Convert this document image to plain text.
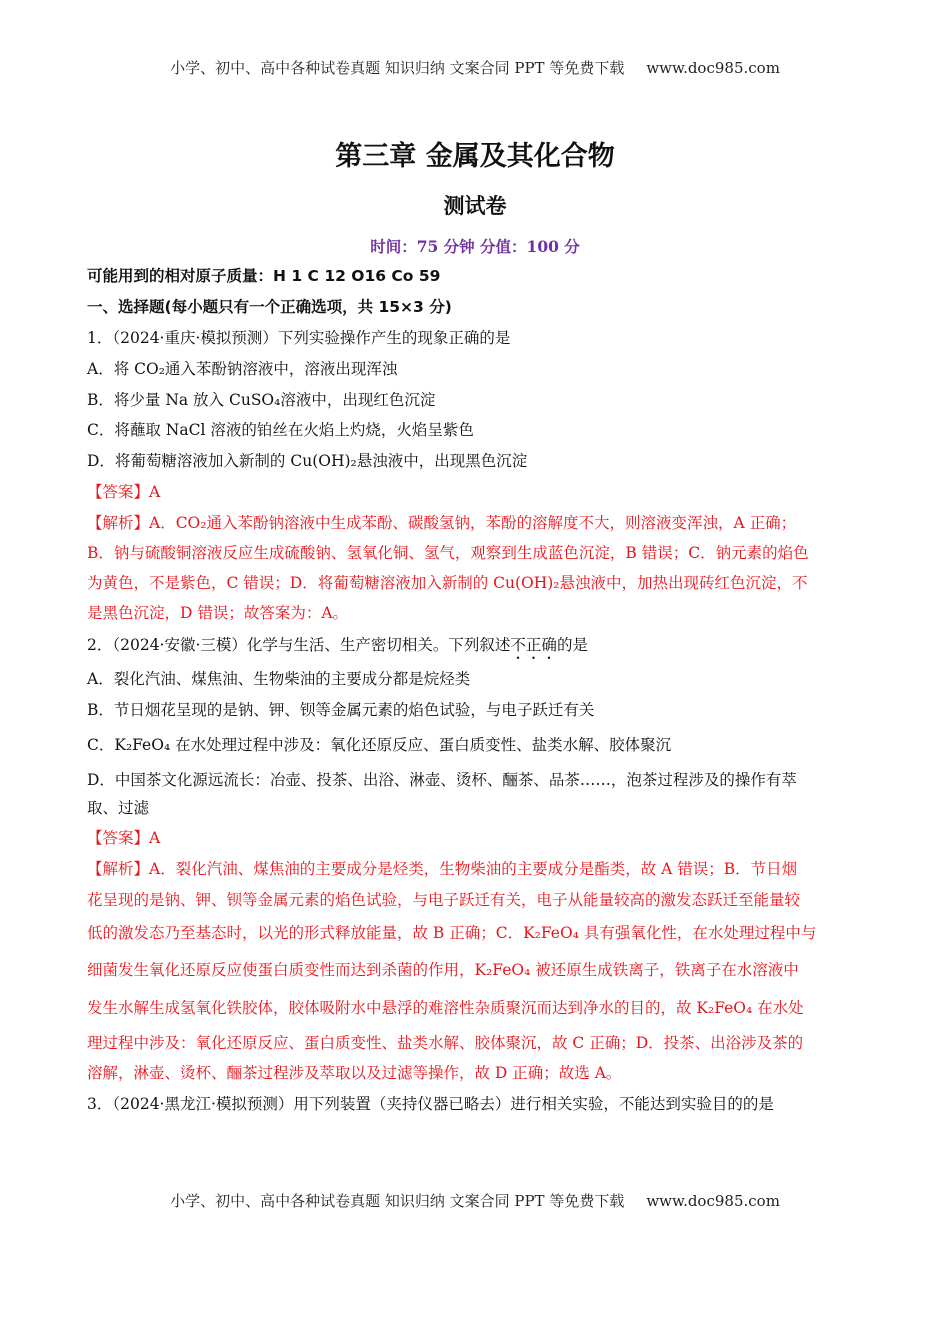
小学、初中、高中各种试卷真题 知识归纳 文案合同 PPT 等免费下载 www.doc985.com
第三章 金属及其化合物
测试卷
时间：75 分钟 分值：100 分
可能用到的相对原子质量：H 1 C 12 O16 Co 59
一、选择题(每小题只有一个正确选项，共 15×3 分)
1．（2024·重庆·模拟预测）下列实验操作产生的现象正确的是
A．将 CO₂通入苯酚钠溶液中，溶液出现浑浊
B．将少量 Na 放入 CuSO₄溶液中，出现红色沉淀
C．将蘸取 NaCl 溶液的铂丝在火焰上灼烧，火焰呈紫色
D．将葡萄糖溶液加入新制的 Cu(OH)₂悬浊液中，出现黑色沉淀
【答案】A
【解析】A．CO₂通入苯酚钠溶液中生成苯酚、碳酸氢钠，苯酚的溶解度不大，则溶液变浑浊，A 正确；
B．钠与硫酸铜溶液反应生成硫酸钠、氢氧化铜、氢气，观察到生成蓝色沉淀，B 错误；C．钠元素的焰色
为黄色，不是紫色，C 错误；D．将葡萄糖溶液加入新制的 Cu(OH)₂悬浊液中，加热出现砖红色沉淀，不
是黑色沉淀，D 错误；故答案为：A。
2．（2024·安徽·三模）化学与生活、生产密切相关。下列叙述不正确的是
A．裂化汽油、煤焦油、生物柴油的主要成分都是烷烃类
B．节日烟花呈现的是钠、钾、钡等金属元素的焰色试验，与电子跃迁有关
C．K₂FeO₄ 在水处理过程中涉及：氧化还原反应、蛋白质变性、盐类水解、胶体聚沉
D．中国茶文化源远流长：冶壶、投茶、出浴、淋壶、烫杯、酾茶、品茶……，泡茶过程涉及的操作有萃
取、过滤
【答案】A
【解析】A．裂化汽油、煤焦油的主要成分是烃类，生物柴油的主要成分是酯类，故 A 错误；B．节日烟
花呈现的是钠、钾、钡等金属元素的焰色试验，与电子跃迁有关，电子从能量较高的激发态跃迁至能量较
低的激发态乃至基态时，以光的形式释放能量，故 B 正确；C．K₂FeO₄ 具有强氧化性，在水处理过程中与
细菌发生氧化还原反应使蛋白质变性而达到杀菌的作用，K₂FeO₄ 被还原生成铁离子，铁离子在水溶液中
发生水解生成氢氧化铁胶体，胶体吸附水中悬浮的难溶性杂质聚沉而达到净水的目的，故 K₂FeO₄ 在水处
理过程中涉及：氧化还原反应、蛋白质变性、盐类水解、胶体聚沉，故 C 正确；D．投茶、出浴涉及茶的
溶解，淋壶、烫杯、酾茶过程涉及萃取以及过滤等操作，故 D 正确；故选 A。
3．（2024·黑龙江·模拟预测）用下列装置（夹持仪器已略去）进行相关实验，不能达到实验目的的是
小学、初中、高中各种试卷真题 知识归纳 文案合同 PPT 等免费下载 www.doc985.com
